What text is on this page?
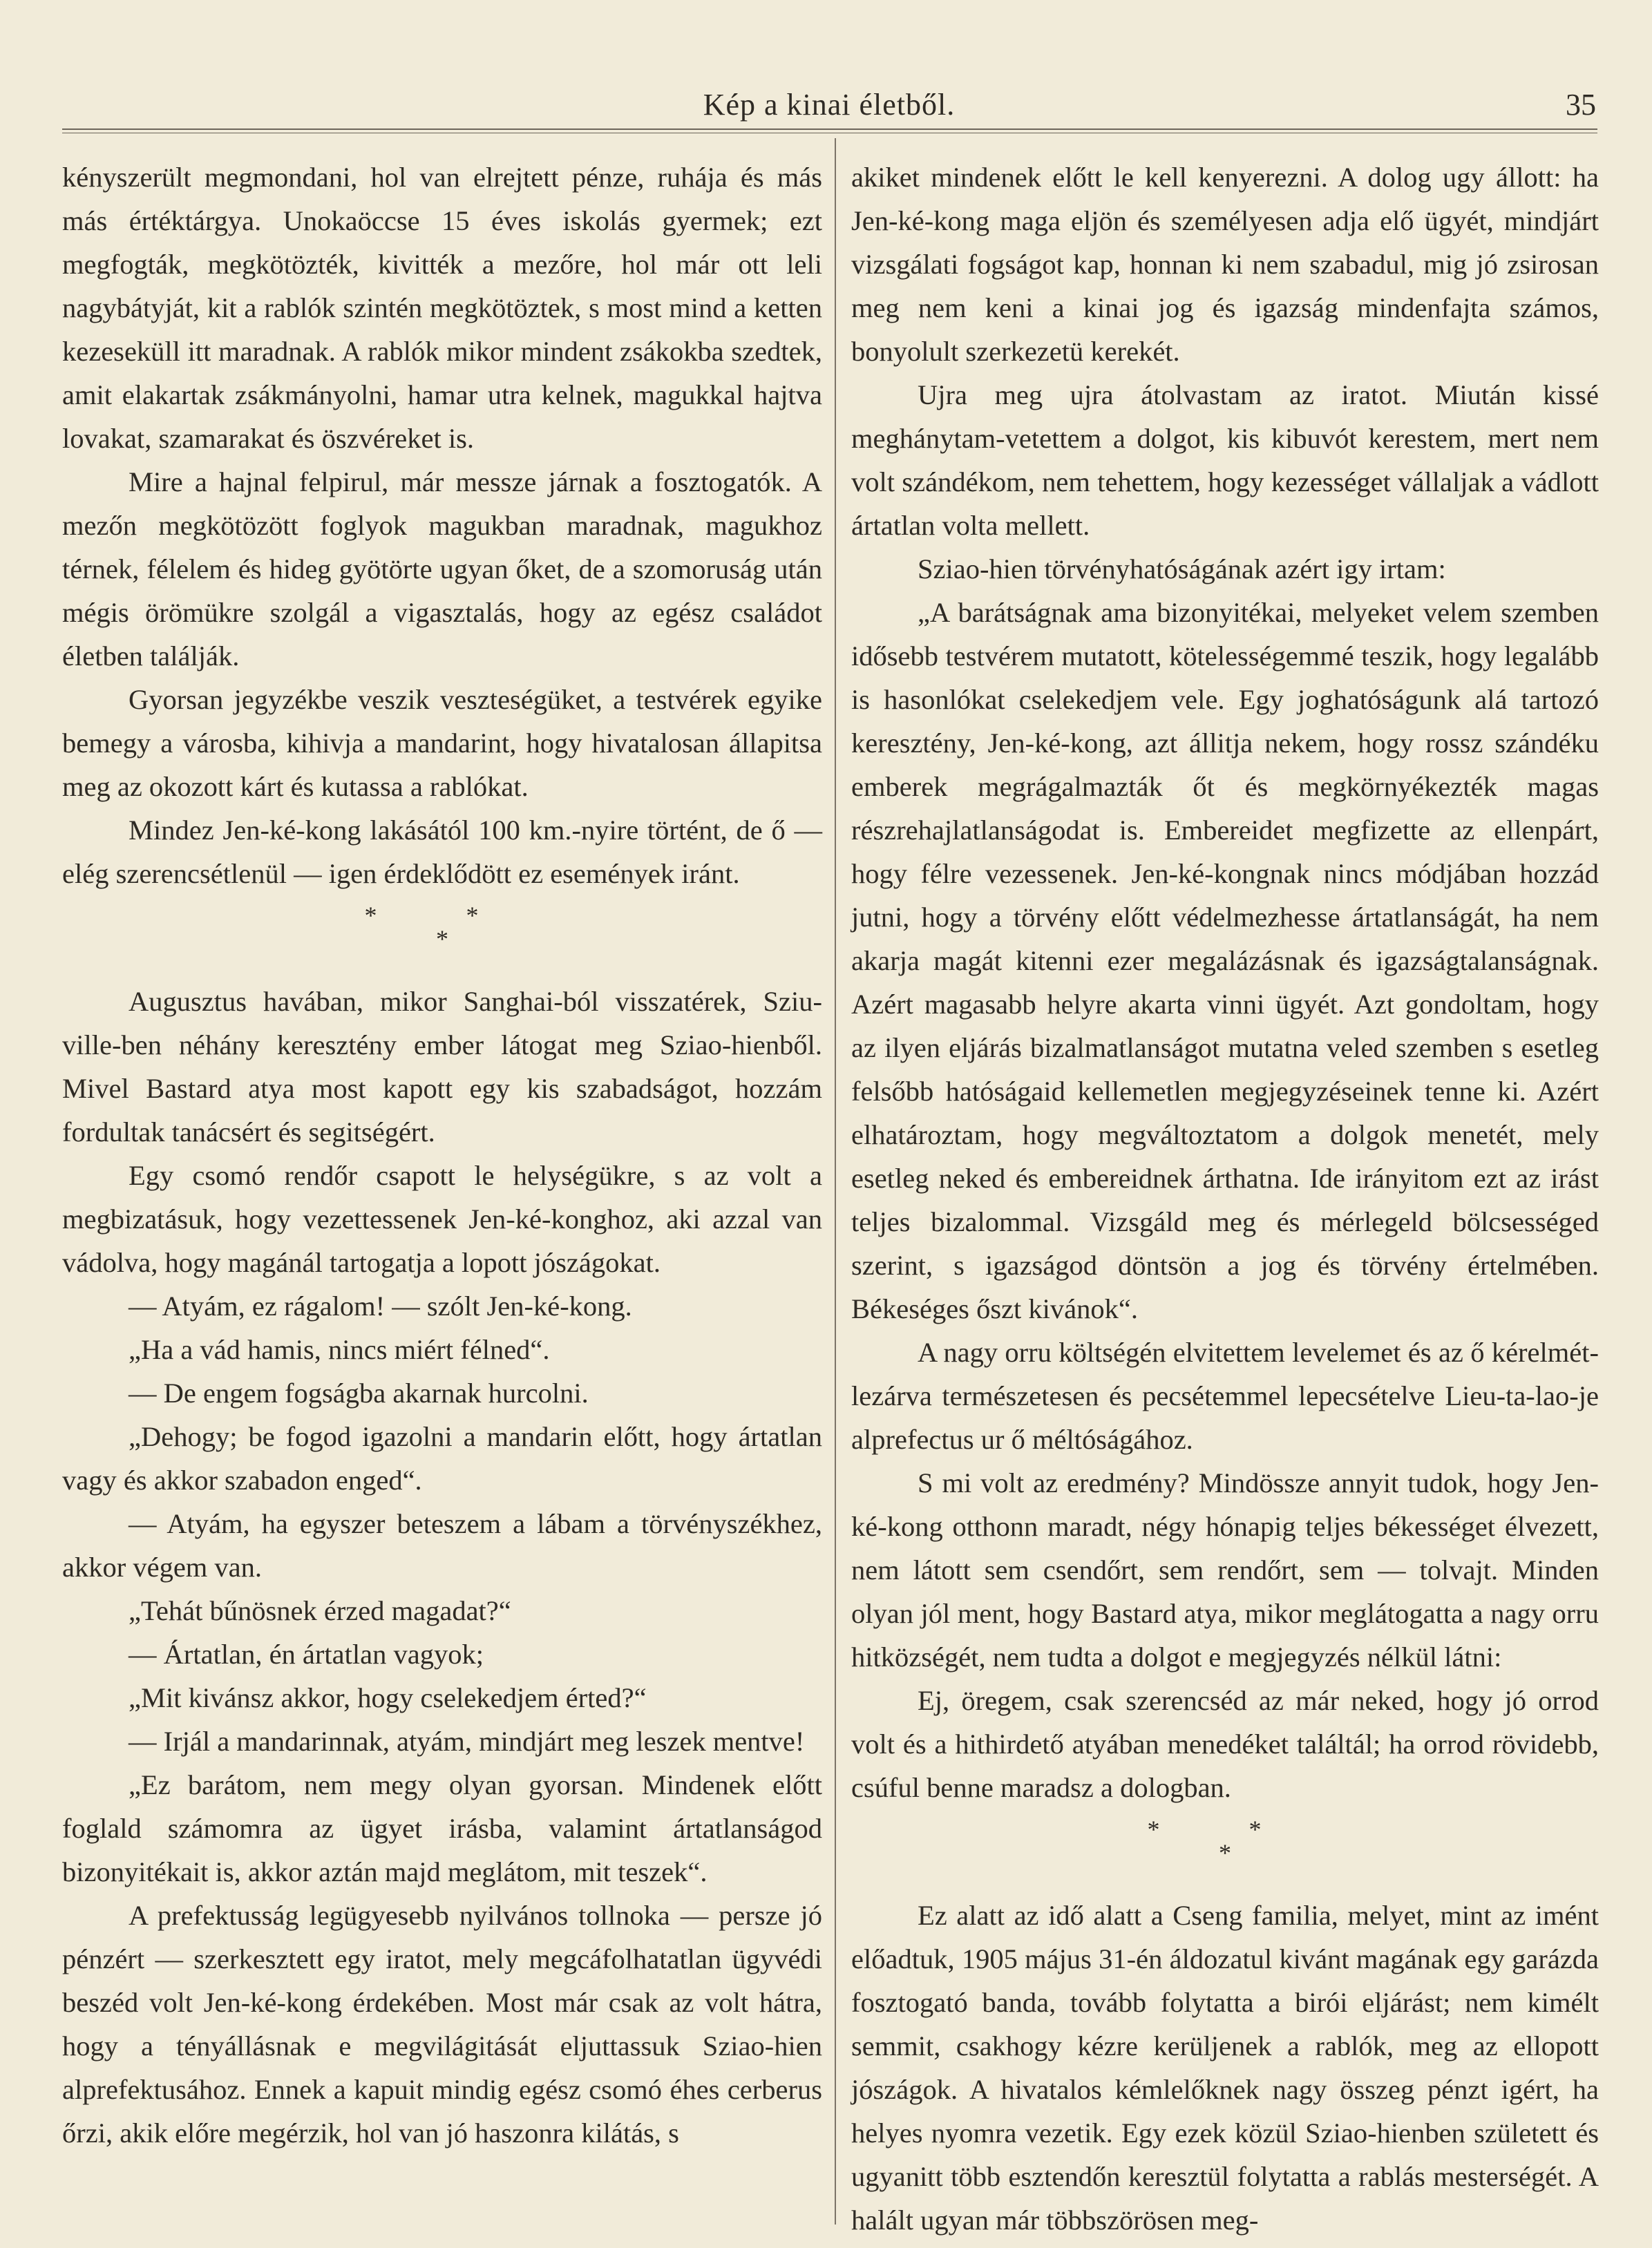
Kép a kinai életből.	35

kényszerült megmondani, hol van elrejtett pénze, ruhája és más más értéktárgya. Unokaöccse 15 éves iskolás gyermek; ezt megfogták, megkötözték, kivitték a mezőre, hol már ott leli nagybátyját, kit a rablók szintén megkötöztek, s most mind a ketten kezeseküll itt maradnak. A rablók mikor mindent zsákokba szedtek, amit elakartak zsákmányolni, hamar utra kelnek, magukkal hajtva lovakat, szamarakat és öszvéreket is.

Mire a hajnal felpirul, már messze járnak a fosztogatók. A mezőn megkötözött foglyok magukban maradnak, magukhoz térnek, félelem és hideg gyötörte ugyan őket, de a szomoruság után mégis örömükre szolgál a vigasztalás, hogy az egész családot életben találják.

Gyorsan jegyzékbe veszik veszteségüket, a testvérek egyike bemegy a városba, kihivja a mandarint, hogy hivatalosan állapitsa meg az okozott kárt és kutassa a rablókat.

Mindez Jen-ké-kong lakásától 100 km.-nyire történt, de ő — elég szerencsétlenül — igen érdeklődött ez események iránt.

* *
*

Augusztus havában, mikor Sanghai-ból visszatérek, Sziu-ville-ben néhány keresztény ember látogat meg Sziao-hienből. Mivel Bastard atya most kapott egy kis szabadságot, hozzám fordultak tanácsért és segitségért.

Egy csomó rendőr csapott le helységükre, s az volt a megbizatásuk, hogy vezettessenek Jen-ké-konghoz, aki azzal van vádolva, hogy magánál tartogatja a lopott jószágokat.

— Atyám, ez rágalom! — szólt Jen-ké-kong.

„Ha a vád hamis, nincs miért félned“.

— De engem fogságba akarnak hurcolni.

„Dehogy; be fogod igazolni a mandarin előtt, hogy ártatlan vagy és akkor szabadon enged“.

— Atyám, ha egyszer beteszem a lábam a törvényszékhez, akkor végem van.

„Tehát bűnösnek érzed magadat?“

— Ártatlan, én ártatlan vagyok;

„Mit kivánsz akkor, hogy cselekedjem érted?“

— Irjál a mandarinnak, atyám, mindjárt meg leszek mentve!

„Ez barátom, nem megy olyan gyorsan. Mindenek előtt foglald számomra az ügyet irásba, valamint ártatlanságod bizonyitékait is, akkor aztán majd meglátom, mit teszek“.

A prefektusság legügyesebb nyilvános tollnoka — persze jó pénzért — szerkesztett egy iratot, mely megcáfolhatatlan ügyvédi beszéd volt Jen-ké-kong érdekében. Most már csak az volt hátra, hogy a tényállásnak e megvilágitását eljuttassuk Sziao-hien alprefektusához. Ennek a kapuit mindig egész csomó éhes cerberus őrzi, akik előre megérzik, hol van jó haszonra kilátás, s

akiket mindenek előtt le kell kenyerezni. A dolog ugy állott: ha Jen-ké-kong maga eljön és személyesen adja elő ügyét, mindjárt vizsgálati fogságot kap, honnan ki nem szabadul, mig jó zsirosan meg nem keni a kinai jog és igazság mindenfajta számos, bonyolult szerkezetü kerekét.

Ujra meg ujra átolvastam az iratot. Miután kissé meghánytam-vetettem a dolgot, kis kibuvót kerestem, mert nem volt szándékom, nem tehettem, hogy kezességet vállaljak a vádlott ártatlan volta mellett.

Sziao-hien törvényhatóságának azért igy irtam:

„A barátságnak ama bizonyitékai, melyeket velem szemben idősebb testvérem mutatott, kötelességemmé teszik, hogy legalább is hasonlókat cselekedjem vele. Egy joghatóságunk alá tartozó keresztény, Jen-ké-kong, azt állitja nekem, hogy rossz szándéku emberek megrágalmazták őt és megkörnyékezték magas részrehajlatlanságodat is. Embereidet megfizette az ellenpárt, hogy félre vezessenek. Jen-ké-kongnak nincs módjában hozzád jutni, hogy a törvény előtt védelmezhesse ártatlanságát, ha nem akarja magát kitenni ezer megalázásnak és igazságtalanságnak. Azért magasabb helyre akarta vinni ügyét. Azt gondoltam, hogy az ilyen eljárás bizalmatlanságot mutatna veled szemben s esetleg felsőbb hatóságaid kellemetlen megjegyzéseinek tenne ki. Azért elhatároztam, hogy megváltoztatom a dolgok menetét, mely esetleg neked és embereidnek árthatna. Ide irányitom ezt az irást teljes bizalommal. Vizsgáld meg és mérlegeld bölcsességed szerint, s igazságod döntsön a jog és törvény értelmében. Békeséges őszt kivánok“.

A nagy orru költségén elvitettem levelemet és az ő kérelmét-lezárva természetesen és pecsétemmel lepecsételve Lieu-ta-lao-je alprefectus ur ő méltóságához.

S mi volt az eredmény? Mindössze annyit tudok, hogy Jen-ké-kong otthonn maradt, négy hónapig teljes békességet élvezett, nem látott sem csendőrt, sem rendőrt, sem — tolvajt. Minden olyan jól ment, hogy Bastard atya, mikor meglátogatta a nagy orru hitközségét, nem tudta a dolgot e megjegyzés nélkül látni:

Ej, öregem, csak szerencséd az már neked, hogy jó orrod volt és a hithirdető atyában menedéket találtál; ha orrod rövidebb, csúful benne maradsz a dologban.

* *
*

Ez alatt az idő alatt a Cseng familia, melyet, mint az imént előadtuk, 1905 május 31-én áldozatul kivánt magának egy garázda fosztogató banda, tovább folytatta a birói eljárást; nem kimélt semmit, csakhogy kézre kerüljenek a rablók, meg az ellopott jószágok. A hivatalos kémlelőknek nagy összeg pénzt igért, ha helyes nyomra vezetik. Egy ezek közül Sziao-hienben született és ugyanitt több esztendőn keresztül folytatta a rablás mesterségét. A halált ugyan már többszörösen meg-
